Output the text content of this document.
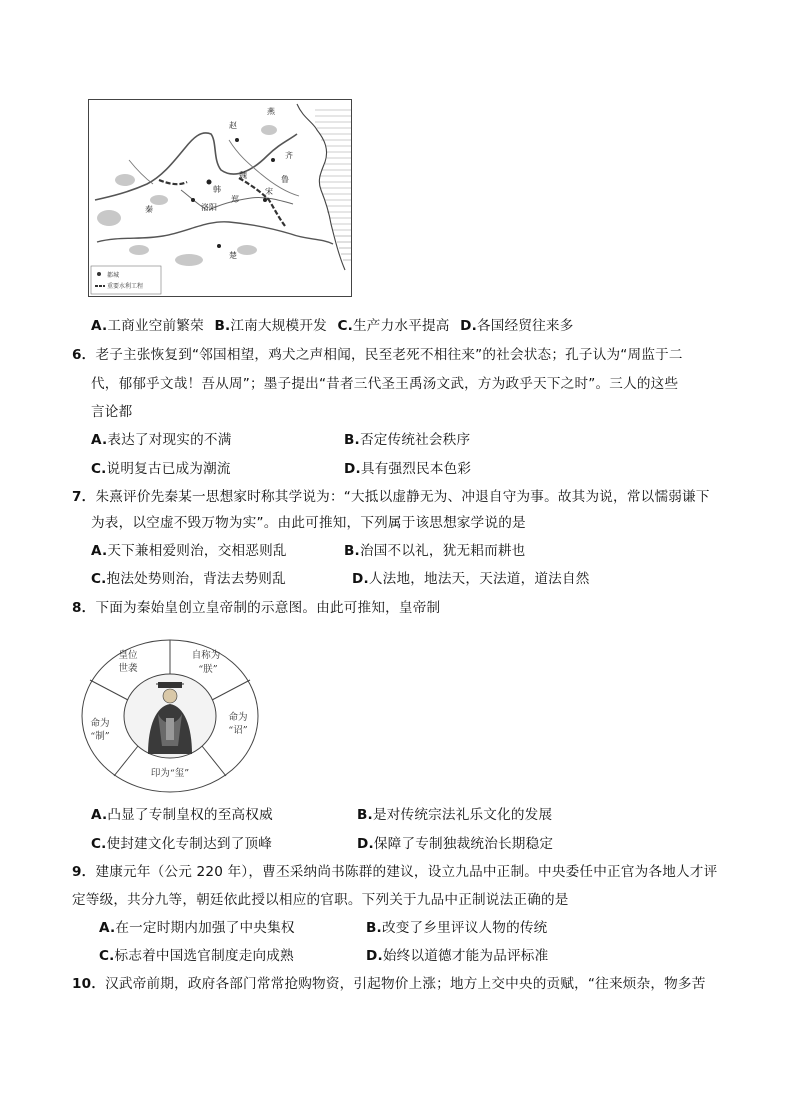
燕
赵
齐
洛阳
韩
鲁
宋
魏
郑
楚
秦
都城
重要水利工程
A.工商业空前繁荣 B.江南大规模开发 C.生产力水平提高 D.各国经贸往来多
6．老子主张恢复到“邻国相望，鸡犬之声相闻，民至老死不相往来”的社会状态；孔子认为“周监于二
代，郁郁乎文哉！吾从周”；墨子提出“昔者三代圣王禹汤文武，方为政乎天下之时”。三人的这些
言论都
A.表达了对现实的不满	B.否定传统社会秩序
C.说明复古已成为潮流	D.具有强烈民本色彩
7．朱熹评价先秦某一思想家时称其学说为：“大抵以虚静无为、冲退自守为事。故其为说，常以懦弱谦下
为表，以空虚不毁万物为实”。由此可推知，下列属于该思想家学说的是
A.天下兼相爱则治，交相恶则乱	B.治国不以礼，犹无耜而耕也
C.抱法处势则治，背法去势则乱	D.人法地，地法天，天法道，道法自然
8．下面为秦始皇创立皇帝制的示意图。由此可推知，皇帝制
皇位
世袭
自称为
“朕”
命为
“诏”
印为“玺”
命为
“制”
A.凸显了专制皇权的至高权威	B.是对传统宗法礼乐文化的发展
C.使封建文化专制达到了顶峰	D.保障了专制独裁统治长期稳定
9．建康元年（公元 220 年），曹丕采纳尚书陈群的建议，设立九品中正制。中央委任中正官为各地人才评
定等级，共分九等，朝廷依此授以相应的官职。下列关于九品中正制说法正确的是
A.在一定时期内加强了中央集权	B.改变了乡里评议人物的传统
C.标志着中国选官制度走向成熟	D.始终以道德才能为品评标准
10．汉武帝前期，政府各部门常常抢购物资，引起物价上涨；地方上交中央的贡赋，“往来烦杂，物多苦
